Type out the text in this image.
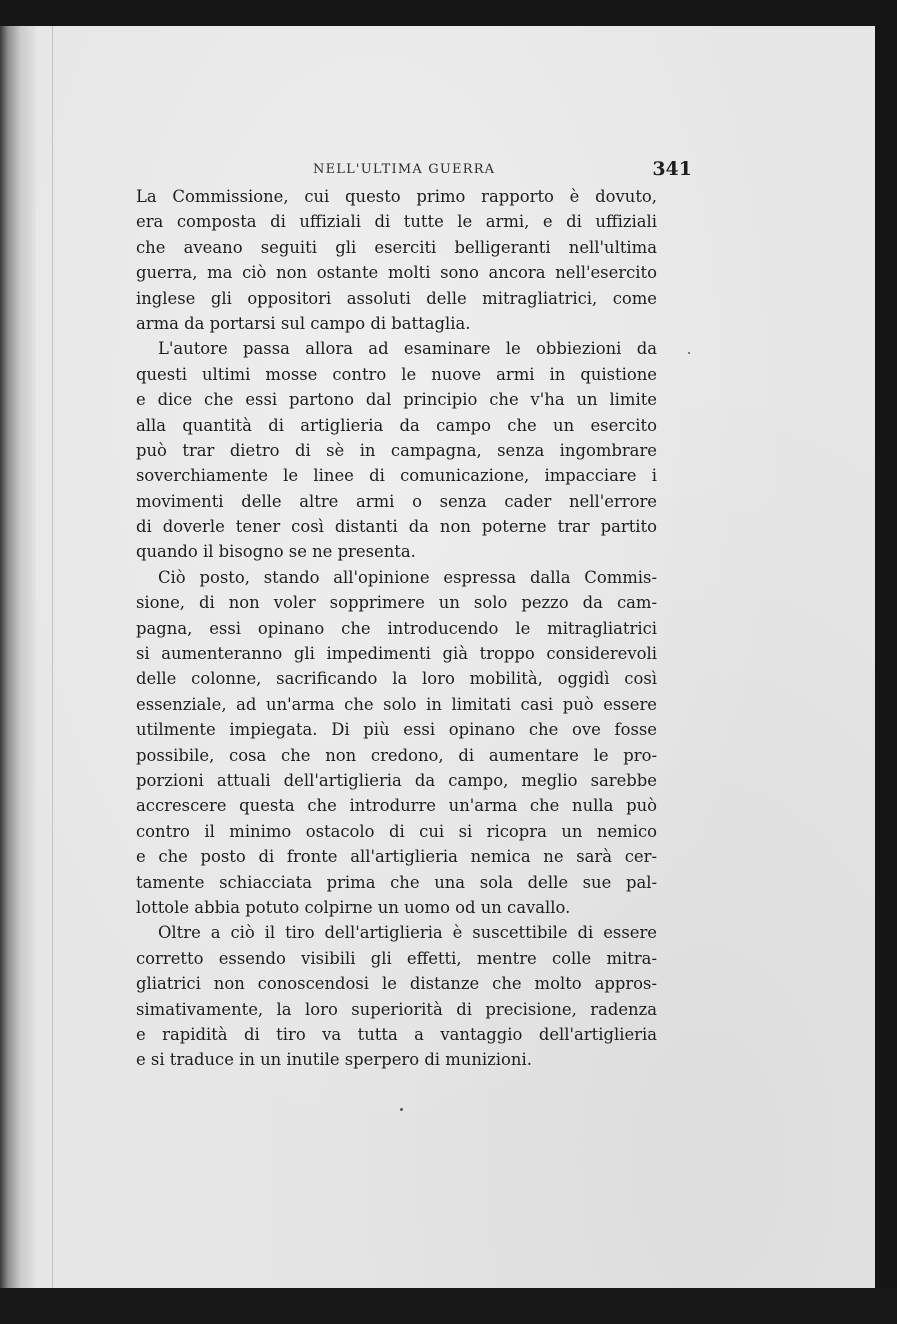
NELL'ULTIMA GUERRA	341
La Commissione, cui questo primo rapporto è dovuto,
era composta di uffiziali di tutte le armi, e di uffiziali
che aveano seguiti gli eserciti belligeranti nell'ultima
guerra, ma ciò non ostante molti sono ancora nell'esercito
inglese gli oppositori assoluti delle mitragliatrici, come
arma da portarsi sul campo di battaglia.
L'autore passa allora ad esaminare le obbiezioni da
questi ultimi mosse contro le nuove armi in quistione
e dice che essi partono dal principio che v'ha un limite
alla quantità di artiglieria da campo che un esercito
può trar dietro di sè in campagna, senza ingombrare
soverchiamente le linee di comunicazione, impacciare i
movimenti delle altre armi o senza cader nell'errore
di doverle tener così distanti da non poterne trar partito
quando il bisogno se ne presenta.
Ciò posto, stando all'opinione espressa dalla Commis-
sione, di non voler sopprimere un solo pezzo da cam-
pagna, essi opinano che introducendo le mitragliatrici
si aumenteranno gli impedimenti già troppo considerevoli
delle colonne, sacrificando la loro mobilità, oggidì così
essenziale, ad un'arma che solo in limitati casi può essere
utilmente impiegata. Di più essi opinano che ove fosse
possibile, cosa che non credono, di aumentare le pro-
porzioni attuali dell'artiglieria da campo, meglio sarebbe
accrescere questa che introdurre un'arma che nulla può
contro il minimo ostacolo di cui si ricopra un nemico
e che posto di fronte all'artiglieria nemica ne sarà cer-
tamente schiacciata prima che una sola delle sue pal-
lottole abbia potuto colpirne un uomo od un cavallo.
Oltre a ciò il tiro dell'artiglieria è suscettibile di essere
corretto essendo visibili gli effetti, mentre colle mitra-
gliatrici non conoscendosi le distanze che molto appros-
simativamente, la loro superiorità di precisione, radenza
e rapidità di tiro va tutta a vantaggio dell'artiglieria
e si traduce in un inutile sperpero di munizioni.
